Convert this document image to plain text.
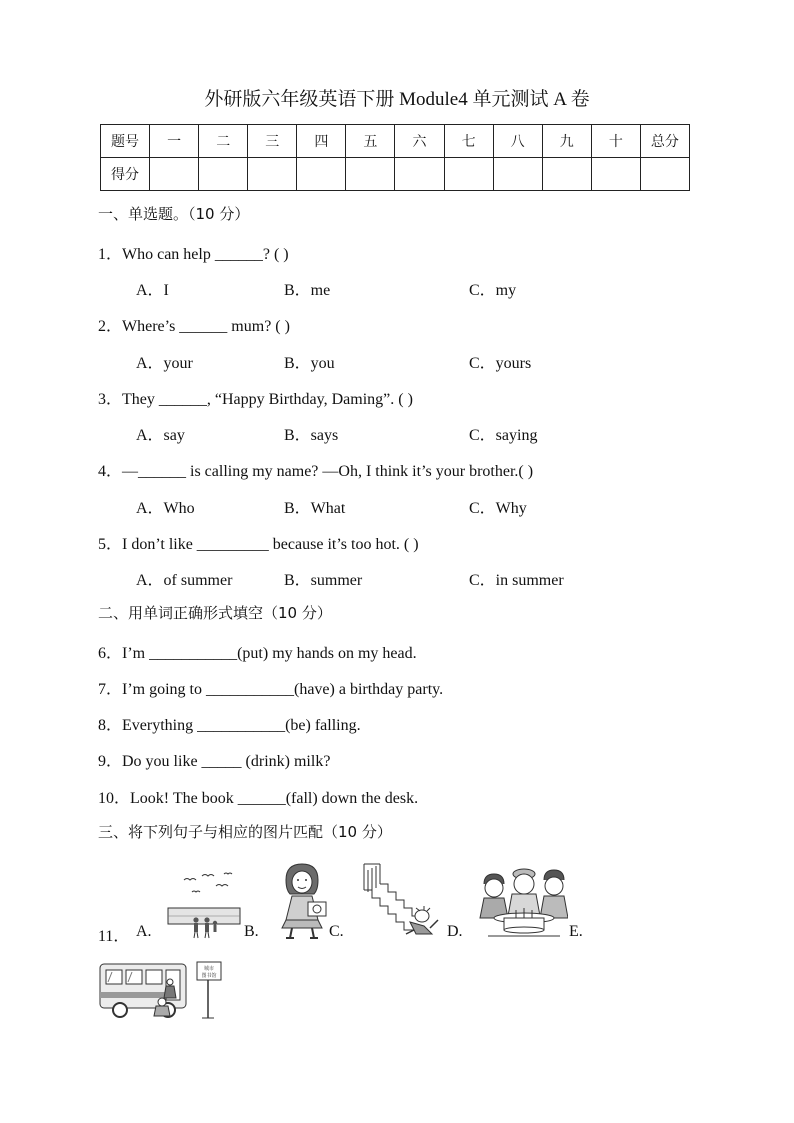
外研版六年级英语下册 Module4 单元测试 A 卷
题号	一	二	三	四	五	六	七	八	九	十	总分
得分											
一、单选题。（10 分）
1．Who can help ______? ( )
A．I	B．me	C．my
2．Where’s ______ mum? ( )
A．your	B．you	C．yours
3．They ______, “Happy Birthday, Daming”. ( )
A．say	B．says	C．saying
4．—______ is calling my name? —Oh, I think it’s your brother.( )
A．Who	B．What	C．Why
5．I don’t like _________ because it’s too hot. ( )
A．of summer	B．summer	C．in summer
二、用单词正确形式填空（10 分）
6．I’m ___________(put) my hands on my head.
7．I’m going to ___________(have) a birthday party.
8．Everything ___________(be) falling.
9．Do you like _____ (drink) milk?
10．Look! The book ______(fall) down the desk.
三、将下列句子与相应的图片匹配（10 分）
11． A.	B.	C.	D.	E.
城市
图书馆
